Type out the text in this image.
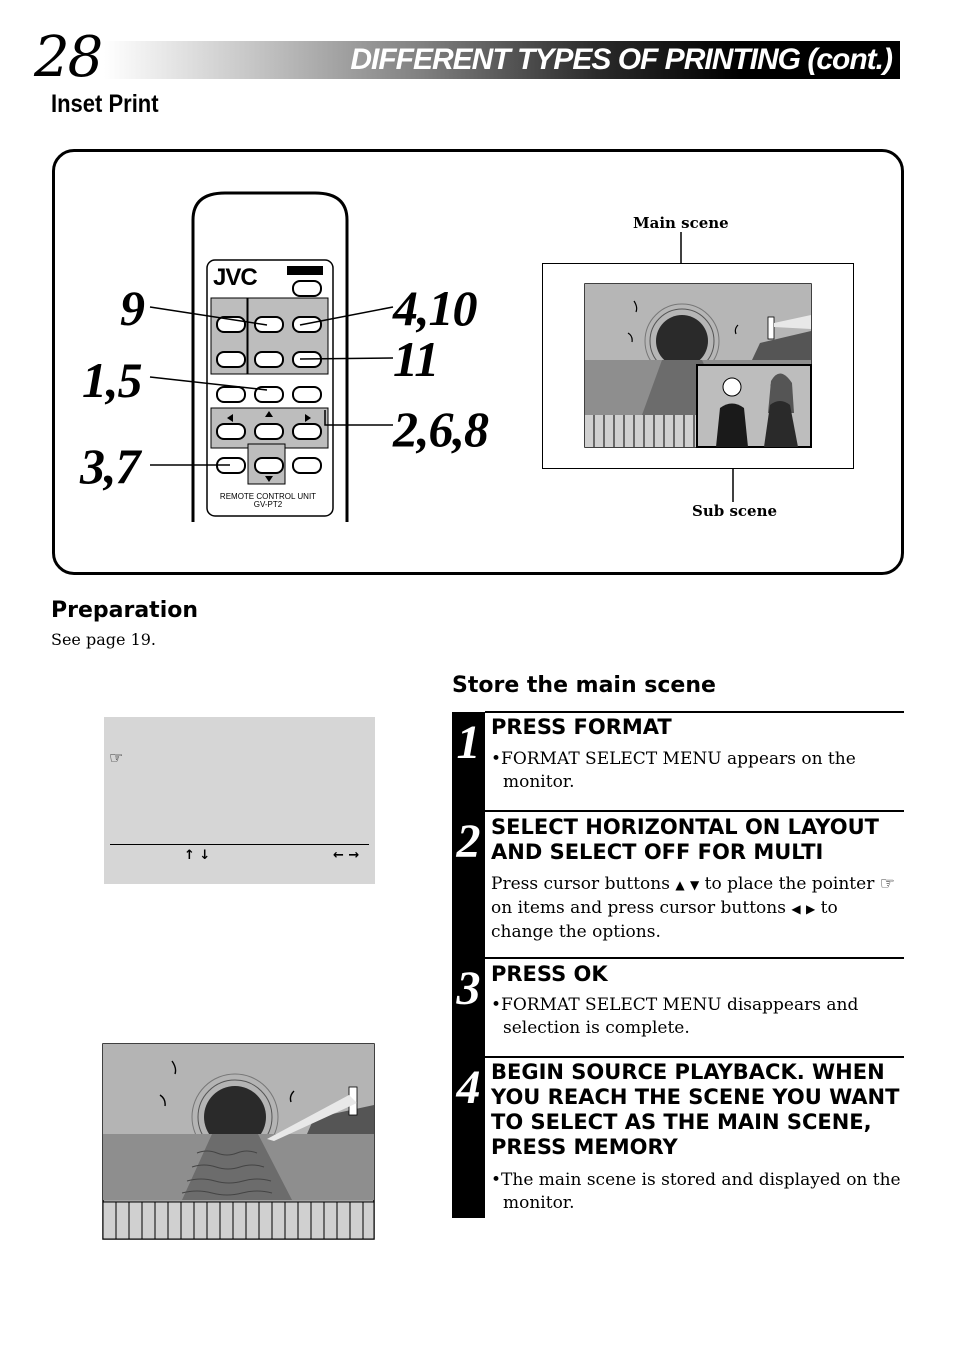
28	DIFFERENT TYPES OF PRINTING (cont.)
Inset Print
JVC
REMOTE CONTROL UNIT
GV-PT2
9
1,5
3,7
4,10
11
2,6,8
Main scene
Sub scene
Preparation
See page 19.
☞
↑ ↓	← →
Store the main scene
1
2
3
4
PRESS FORMAT
•FORMAT SELECT MENU appears on the monitor.
SELECT HORIZONTAL ON LAYOUT AND SELECT OFF FOR MULTI
Press cursor buttons ▲ ▼ to place the pointer ☞ on items and press cursor buttons ◀ ▶ to change the options.
PRESS OK
•FORMAT SELECT MENU disappears and selection is complete.
BEGIN SOURCE PLAYBACK. WHEN YOU REACH THE SCENE YOU WANT TO SELECT AS THE MAIN SCENE, PRESS MEMORY
•The main scene is stored and displayed on the monitor.
